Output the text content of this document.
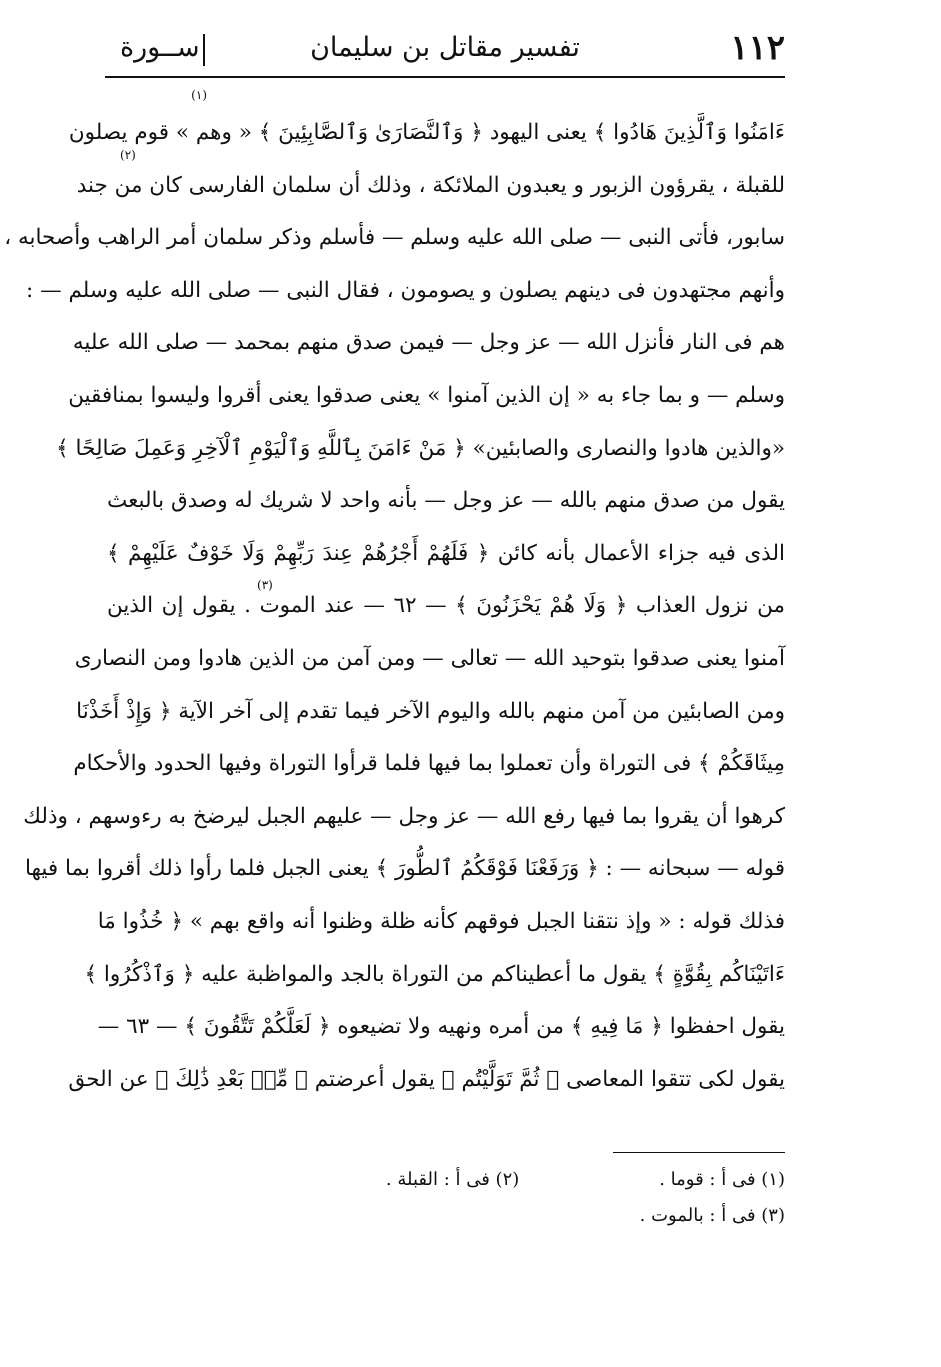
١١٢
تفسير مقاتل بن سليمان
ســورة
(١)
(٢)
(٣)
ءَامَنُوا وَٱلَّذِينَ هَادُوا ﴾ يعنى اليهود ﴿ وَٱلنَّصَارَىٰ وَٱلصَّابِئِينَ ﴾ « وهم » قوم يصلون
للقبلة ، يقرؤون الزبور و يعبدون الملائكة ، وذلك أن سلمان الفارسى كان من جند
سابور، فأتى النبى — صلى الله عليه وسلم — فأسلم وذكر سلمان أمر الراهب وأصحابه ،
وأنهم مجتهدون فى دينهم يصلون و يصومون ، فقال النبى — صلى الله عليه وسلم — :
هم فى النار فأنزل الله — عز وجل — فيمن صدق منهم بمحمد — صلى الله عليه
وسلم — و بما جاء به « إن الذين آمنوا » يعنى صدقوا يعنى أقروا وليسوا بمنافقين
«والذين هادوا والنصارى والصابئين» ﴿ مَنْ ءَامَنَ بِٱللَّهِ وَٱلْيَوْمِ ٱلْآخِرِ وَعَمِلَ صَالِحًا ﴾
يقول من صدق منهم بالله — عز وجل — بأنه واحد لا شريك له وصدق بالبعث
الذى فيه جزاء الأعمال بأنه كائن ﴿ فَلَهُمْ أَجْرُهُمْ عِندَ رَبِّهِمْ وَلَا خَوْفٌ عَلَيْهِمْ ﴾
من نزول العذاب ﴿ وَلَا هُمْ يَحْزَنُونَ ﴾ — ٦٢ — عند الموت . يقول إن الذين
آمنوا يعنى صدقوا بتوحيد الله — تعالى — ومن آمن من الذين هادوا ومن النصارى
ومن الصابئين من آمن منهم بالله واليوم الآخر فيما تقدم إلى آخر الآية ﴿ وَإِذْ أَخَذْنَا
مِيثَاقَكُمْ ﴾ فى التوراة وأن تعملوا بما فيها فلما قرأوا التوراة وفيها الحدود والأحكام
كرهوا أن يقروا بما فيها رفع الله — عز وجل — عليهم الجبل ليرضخ به رءوسهم ، وذلك
قوله — سبحانه — : ﴿ وَرَفَعْنَا فَوْقَكُمُ ٱلطُّورَ ﴾ يعنى الجبل فلما رأوا ذلك أقروا بما فيها
فذلك قوله : « وإذ نتقنا الجبل فوقهم كأنه ظلة وظنوا أنه واقع بهم » ﴿ خُذُوا مَا
ءَاتَيْنَاكُم بِقُوَّةٍ ﴾ يقول ما أعطيناكم من التوراة بالجد والمواظبة عليه ﴿ وَٱذْكُرُوا ﴾
يقول احفظوا ﴿ مَا فِيهِ ﴾ من أمره ونهيه ولا تضيعوه ﴿ لَعَلَّكُمْ تَتَّقُونَ ﴾ — ٦٣ —
يقول لكى تتقوا المعاصى ﴿ ثُمَّ تَوَلَّيْتُم ﴾ يقول أعرضتم ﴿ مِّنۢ بَعْدِ ذَٰلِكَ ﴾ عن الحق
(١) فى أ : قوما . (٢) فى أ : القبلة .
(٣) فى أ : بالموت .
